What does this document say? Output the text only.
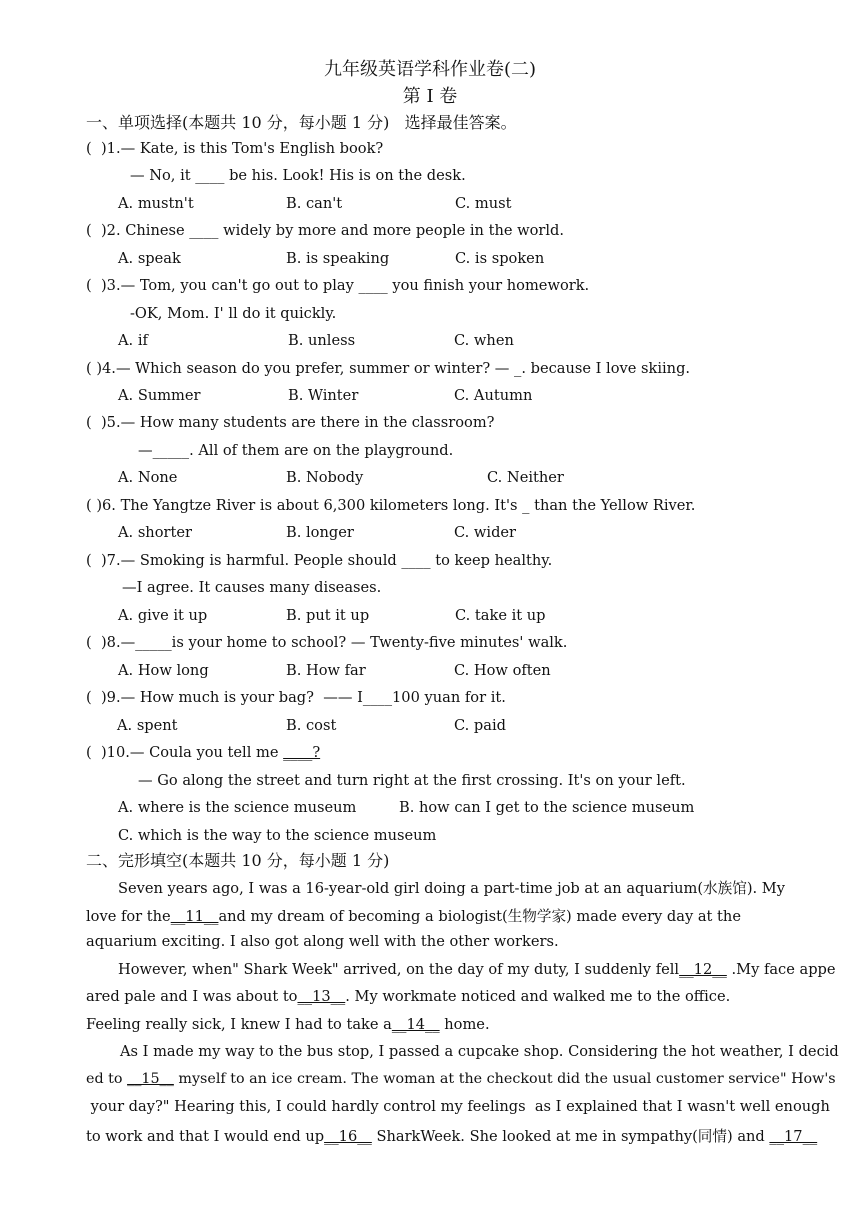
九年级英语学科作业卷(二)
第 I 卷
一、单项选择(本题共 10 分，每小题 1 分)   选择最佳答案。
(  )1.— Kate, is this Tom's English book?
— No, it ____ be his. Look! His is on the desk.
A. mustn't	B. can't	C. must
(  )2. Chinese ____ widely by more and more people in the world.
A. speak	B. is speaking	C. is spoken
(  )3.— Tom, you can't go out to play ____ you finish your homework.
-OK, Mom. I' ll do it quickly.
A. if	B. unless	C. when
( )4.— Which season do you prefer, summer or winter? — _. because I love skiing.
A. Summer	B. Winter	C. Autumn
(  )5.— How many students are there in the classroom?
—_____. All of them are on the playground.
A. None	B. Nobody	C. Neither
( )6. The Yangtze River is about 6,300 kilometers long. It's _ than the Yellow River.
A. shorter	B. longer	C. wider
(  )7.— Smoking is harmful. People should ____ to keep healthy.
—I agree. It causes many diseases.
A. give it up	B. put it up	C. take it up
(  )8.—_____is your home to school? — Twenty-five minutes' walk.
A. How long	B. How far	C. How often
(  )9.— How much is your bag?  —— I____100 yuan for it.
A. spent	B. cost	C. paid
(  )10.— Coula you tell me ____?
— Go along the street and turn right at the first crossing. It's on your left.
A. where is the science museum	B. how can I get to the science museum
C. which is the way to the science museum
二、完形填空(本题共 10 分，每小题 1 分)
Seven years ago, I was a 16-year-old girl doing a part-time job at an aquarium(水族馆). My
love for the__11__and my dream of becoming a biologist(生物学家) made every day at the
aquarium exciting. I also got along well with the other workers.
However, when" Shark Week" arrived, on the day of my duty, I suddenly fell__12__ .My face appe
ared pale and I was about to__13__. My workmate noticed and walked me to the office.
Feeling really sick, I knew I had to take a__14__ home.
As I made my way to the bus stop, I passed a cupcake shop. Considering the hot weather, I decid
ed to __15__ myself to an ice cream. The woman at the checkout did the usual customer service" How's
your day?" Hearing this, I could hardly control my feelings  as I explained that I wasn't well enough
to work and that I would end up__16__ SharkWeek. She looked at me in sympathy(同情) and __17__
